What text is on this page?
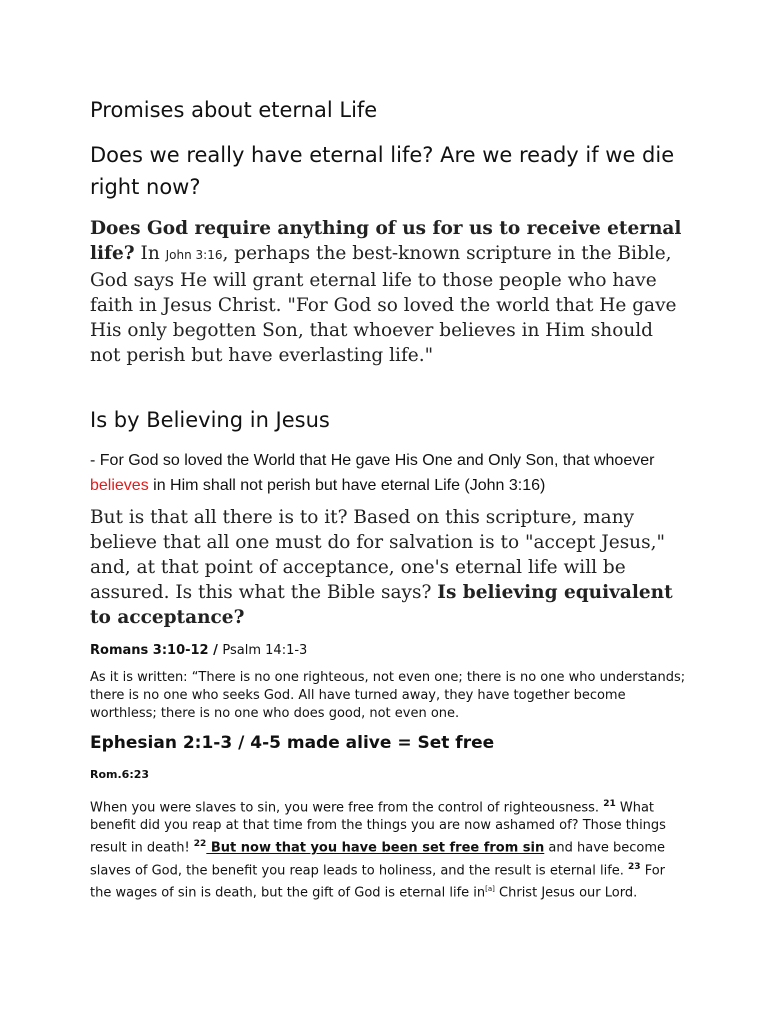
Promises about eternal Life
Does we really have eternal life? Are we ready if we die right now?

Does God require anything of us for us to receive eternal life? In John 3:16, perhaps the best-known scripture in the Bible, God says He will grant eternal life to those people who have faith in Jesus Christ. "For God so loved the world that He gave His only begotten Son, that whoever believes in Him should not perish but have everlasting life."

Is by Believing in Jesus

- For God so loved the World that He gave His One and Only Son, that whoever believes in Him shall not perish but have eternal Life (John 3:16)

But is that all there is to it? Based on this scripture, many believe that all one must do for salvation is to "accept Jesus," and, at that point of acceptance, one's eternal life will be assured. Is this what the Bible says? Is believing equivalent to acceptance?

Romans 3:10-12 / Psalm 14:1-3

As it is written: “There is no one righteous, not even one; there is no one who understands; there is no one who seeks God. All have turned away, they have together become worthless; there is no one who does good, not even one.

Ephesian 2:1-3 / 4-5 made alive = Set free

Rom.6:23

When you were slaves to sin, you were free from the control of righteousness. $^{21}$ What benefit did you reap at that time from the things you are now ashamed of? Those things result in death! $^{22}$ But now that you have been set free from sin and have become slaves of God, the benefit you reap leads to holiness, and the result is eternal life. $^{23}$ For the wages of sin is death, but the gift of God is eternal life in[a] Christ Jesus our Lord.
